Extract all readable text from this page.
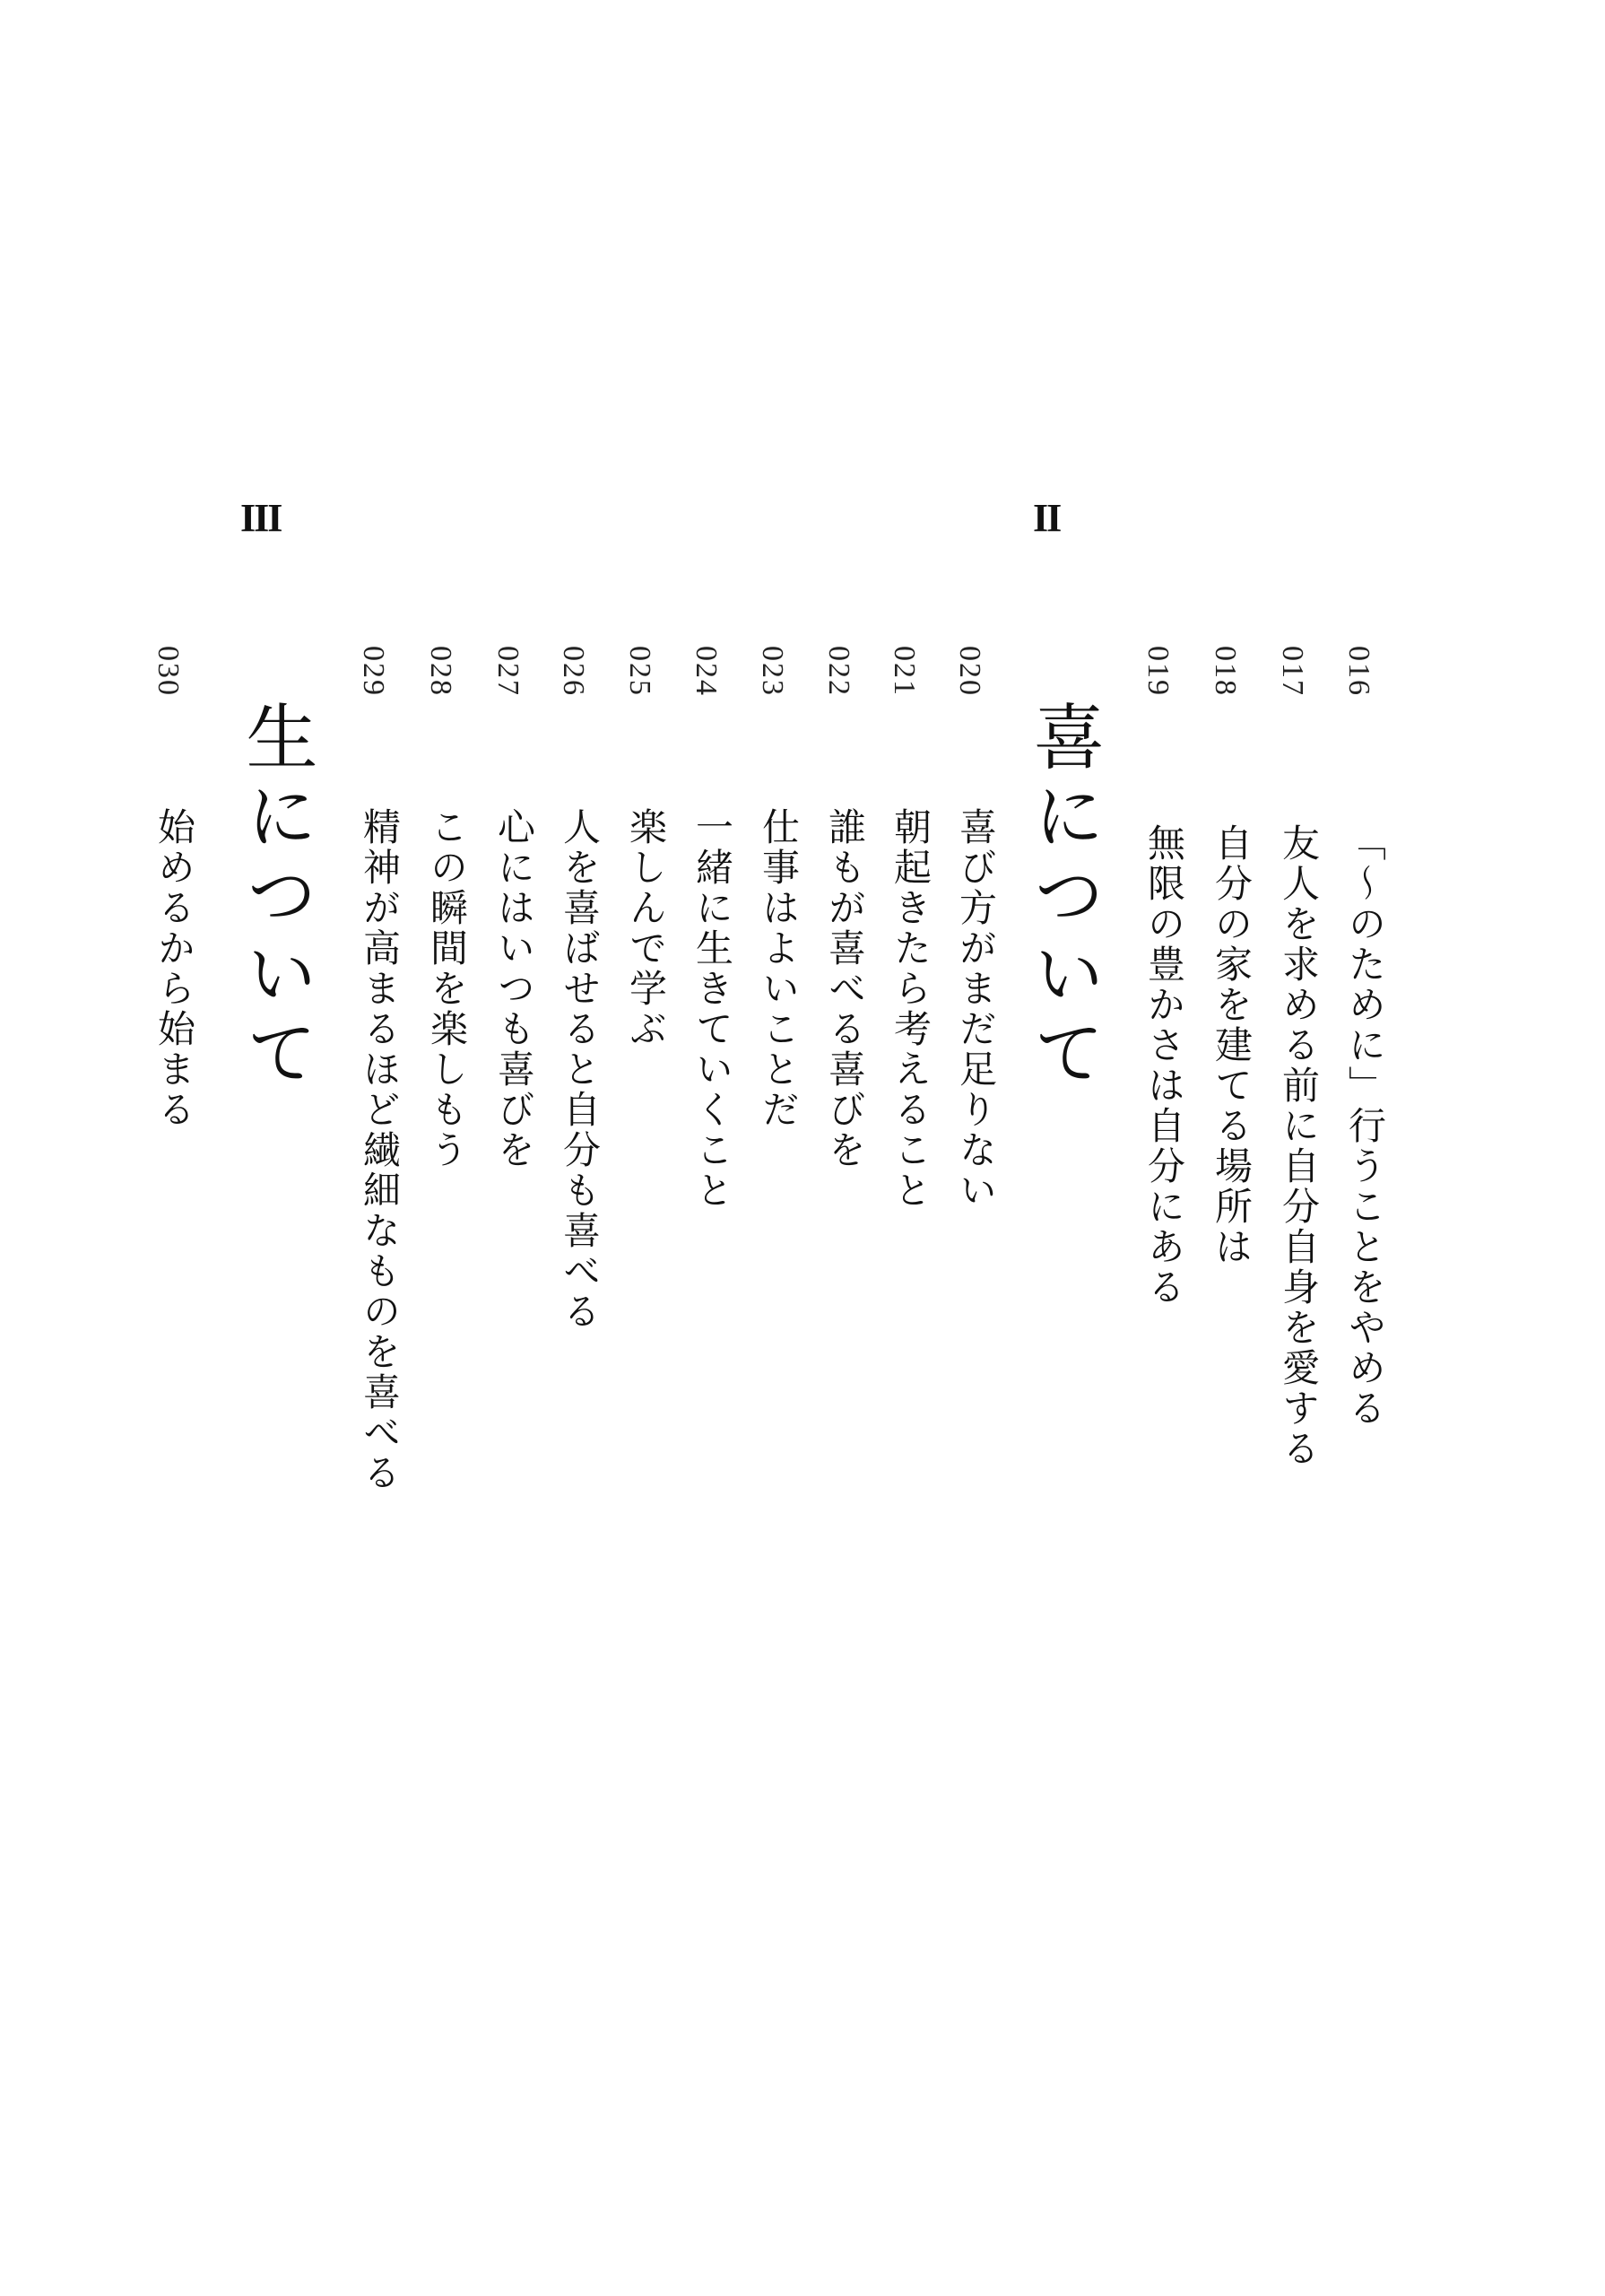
II
喜について
016
「～のために」行うことをやめる
017
友人を求める前に自分自身を愛する
018
自分の家を建てる場所は
019
無限の豊かさは自分にある
020
喜び方がまだ足りない
021
朝起きたら考えること
022
誰もが喜べる喜びを
023
仕事はよいことだ
024
一緒に生きていくこと
025
楽しんで学ぶ
026
人を喜ばせると自分も喜べる
027
心にはいつも喜びを
028
この瞬間を楽しもう
029
精神が高まるほど繊細なものを喜べる
III
生について
030
始めるから始まる
